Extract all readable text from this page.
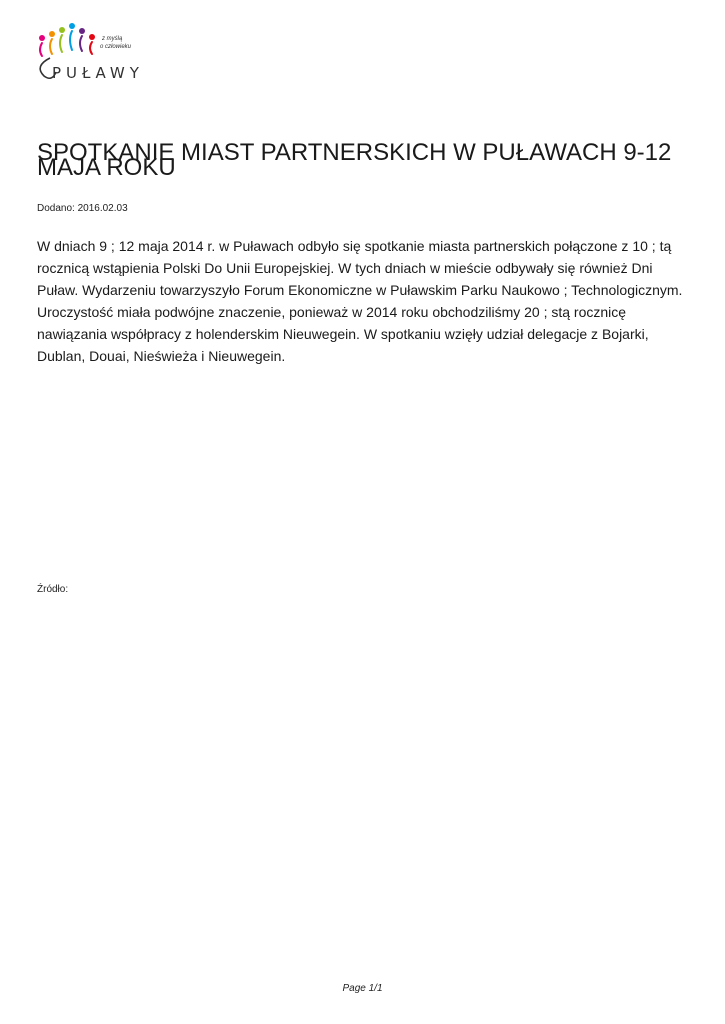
z myślą
o człowieku
PUŁAWY
SPOTKANIE MIAST PARTNERSKICH W PUŁAWACH 9-12 MAJA ROKU
Dodano: 2016.02.03

W dniach 9 ; 12 maja 2014 r. w Puławach odbyło się spotkanie miasta partnerskich połączone z 10 ; tą rocznicą wstąpienia Polski Do Unii Europejskiej. W tych dniach w mieście odbywały się również Dni Puław. Wydarzeniu towarzyszyło Forum Ekonomiczne w Puławskim Parku Naukowo ; Technologicznym. Uroczystość miała podwójne znaczenie, ponieważ w 2014 roku obchodziliśmy 20 ; stą rocznicę nawiązania współpracy z holenderskim Nieuwegein. W spotkaniu wzięły udział delegacje z Bojarki, Dublan, Douai, Nieświeża i Nieuwegein.

Źródło:
Page 1/1
